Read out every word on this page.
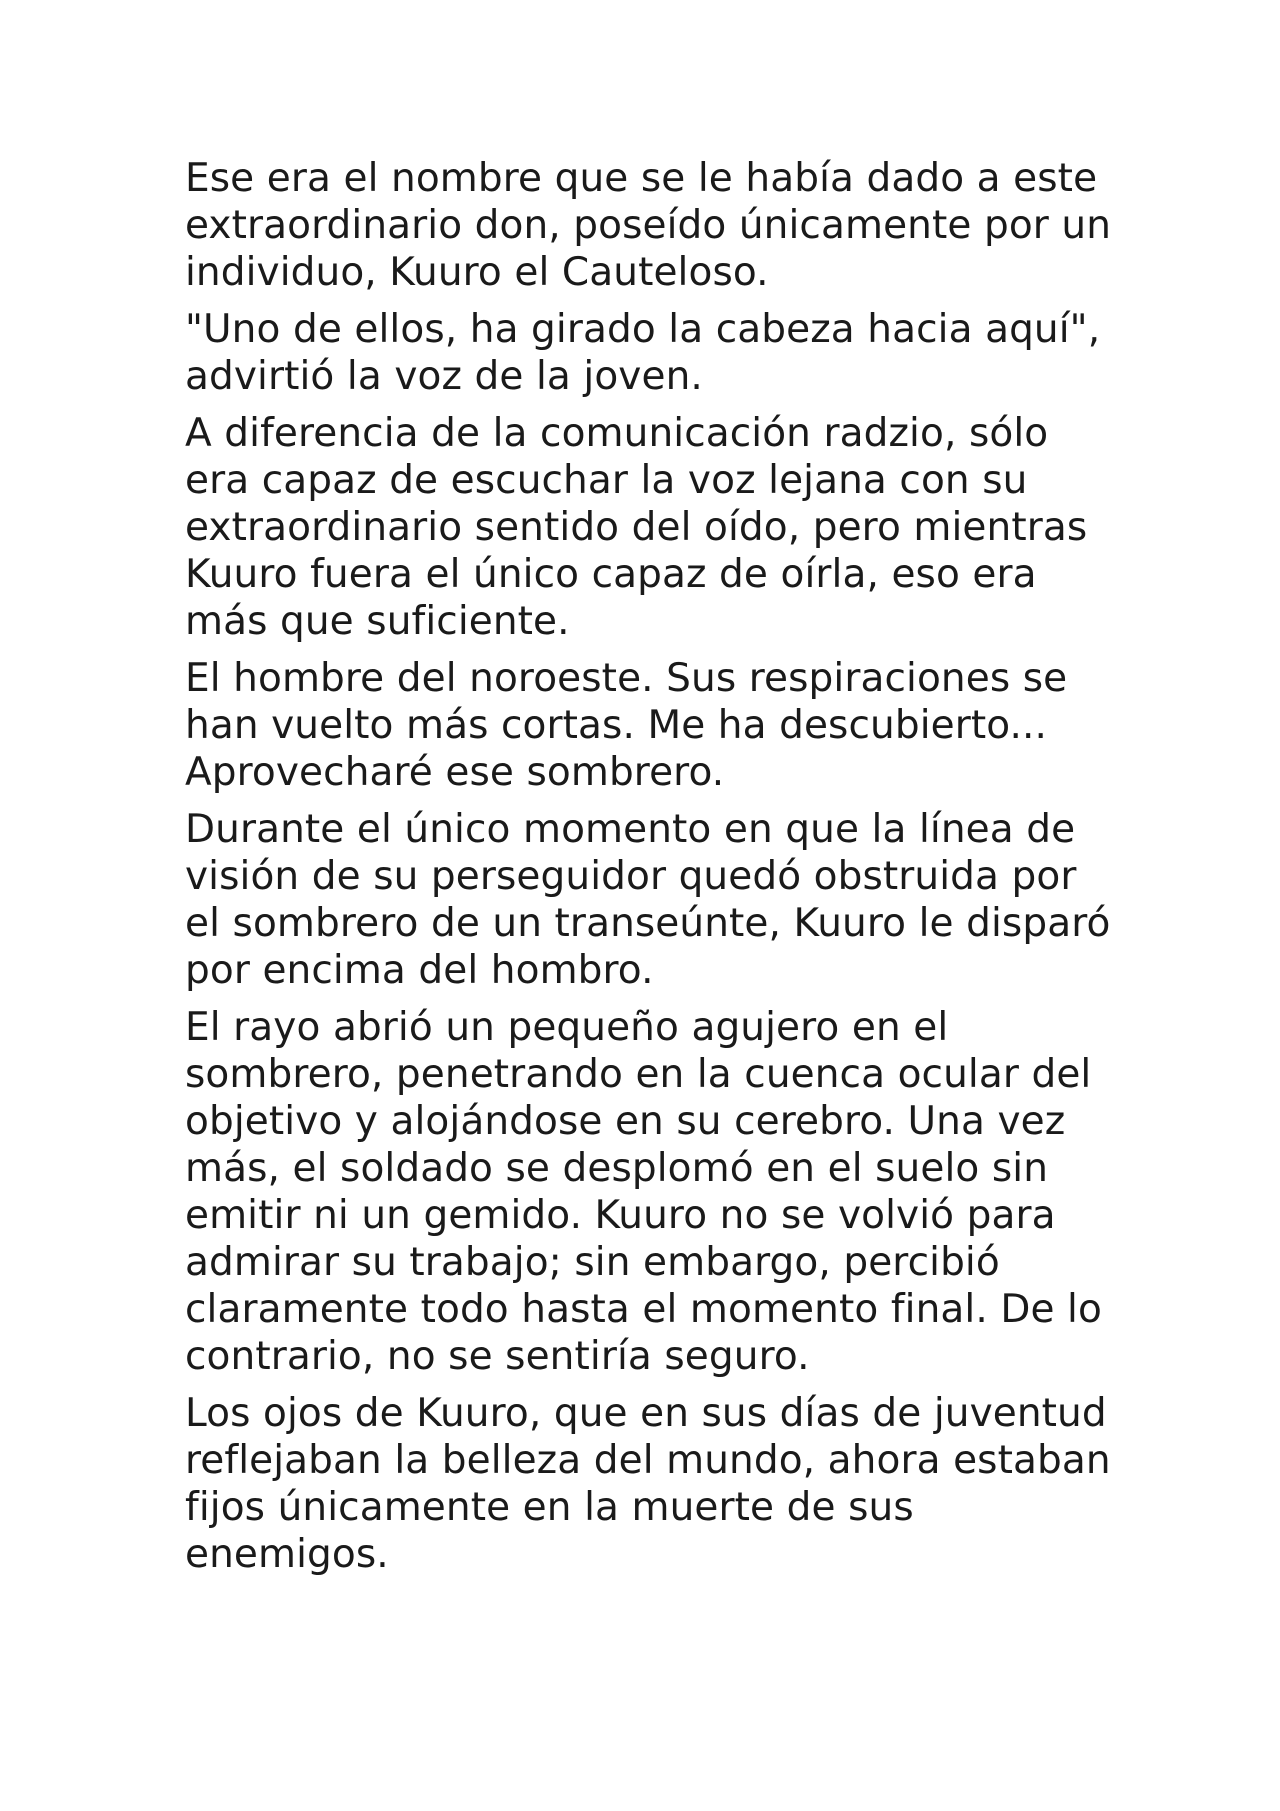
Ese era el nombre que se le había dado a este extraordinario don, poseído únicamente por un individuo, Kuuro el Cauteloso.

"Uno de ellos, ha girado la cabeza hacia aquí", advirtió la voz de la joven.

A diferencia de la comunicación radzio, sólo era capaz de escuchar la voz lejana con su extraordinario sentido del oído, pero mientras Kuuro fuera el único capaz de oírla, eso era más que suficiente.

El hombre del noroeste. Sus respiraciones se han vuelto más cortas. Me ha descubierto... Aprovecharé ese sombrero.

Durante el único momento en que la línea de visión de su perseguidor quedó obstruida por el sombrero de un transeúnte, Kuuro le disparó por encima del hombro.

El rayo abrió un pequeño agujero en el sombrero, penetrando en la cuenca ocular del objetivo y alojándose en su cerebro. Una vez más, el soldado se desplomó en el suelo sin emitir ni un gemido. Kuuro no se volvió para admirar su trabajo; sin embargo, percibió claramente todo hasta el momento final. De lo contrario, no se sentiría seguro.

Los ojos de Kuuro, que en sus días de juventud reflejaban la belleza del mundo, ahora estaban fijos únicamente en la muerte de sus enemigos.
